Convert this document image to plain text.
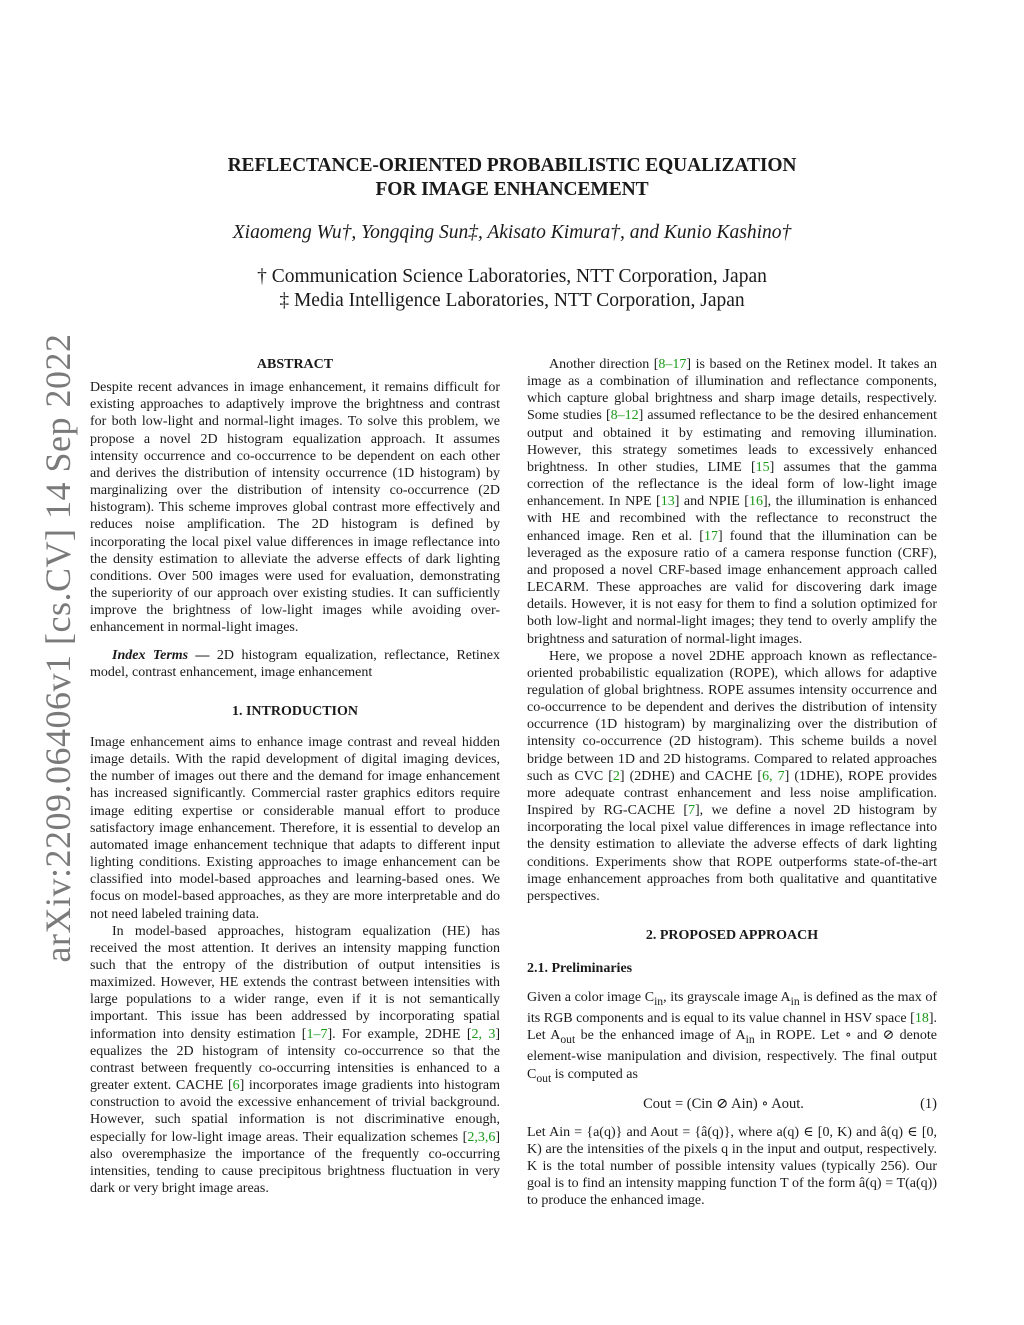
REFLECTANCE-ORIENTED PROBABILISTIC EQUALIZATION
FOR IMAGE ENHANCEMENT
Xiaomeng Wu†, Yongqing Sun‡, Akisato Kimura†, and Kunio Kashino†
† Communication Science Laboratories, NTT Corporation, Japan
‡ Media Intelligence Laboratories, NTT Corporation, Japan
arXiv:2209.06406v1 [cs.CV] 14 Sep 2022	ABSTRACT

Despite recent advances in image enhancement, it remains difficult for existing approaches to adaptively improve the brightness and contrast for both low-light and normal-light images. To solve this problem, we propose a novel 2D histogram equalization approach. It assumes intensity occurrence and co-occurrence to be dependent on each other and derives the distribution of intensity occurrence (1D histogram) by marginalizing over the distribution of intensity co-occurrence (2D histogram). This scheme improves global contrast more effectively and reduces noise amplification. The 2D histogram is defined by incorporating the local pixel value differences in image reflectance into the density estimation to alleviate the adverse effects of dark lighting conditions. Over 500 images were used for evaluation, demonstrating the superiority of our approach over existing studies. It can sufficiently improve the brightness of low-light images while avoiding over-enhancement in normal-light images.

Index Terms — 2D histogram equalization, reflectance, Retinex model, contrast enhancement, image enhancement

1. INTRODUCTION

Image enhancement aims to enhance image contrast and reveal hidden image details. With the rapid development of digital imaging devices, the number of images out there and the demand for image enhancement has increased significantly. Commercial raster graphics editors require image editing expertise or considerable manual effort to produce satisfactory image enhancement. Therefore, it is essential to develop an automated image enhancement technique that adapts to different input lighting conditions. Existing approaches to image enhancement can be classified into model-based approaches and learning-based ones. We focus on model-based approaches, as they are more interpretable and do not need labeled training data.

In model-based approaches, histogram equalization (HE) has received the most attention. It derives an intensity mapping function such that the entropy of the distribution of output intensities is maximized. However, HE extends the contrast between intensities with large populations to a wider range, even if it is not semantically important. This issue has been addressed by incorporating spatial information into density estimation [1–7]. For example, 2DHE [2, 3] equalizes the 2D histogram of intensity co-occurrence so that the contrast between frequently co-occurring intensities is enhanced to a greater extent. CACHE [6] incorporates image gradients into histogram construction to avoid the excessive enhancement of trivial background. However, such spatial information is not discriminative enough, especially for low-light image areas. Their equalization schemes [2,3,6] also overemphasize the importance of the frequently co-occurring intensities, tending to cause precipitous brightness fluctuation in very dark or very bright image areas.

Another direction [8–17] is based on the Retinex model. It takes an image as a combination of illumination and reflectance components, which capture global brightness and sharp image details, respectively. Some studies [8–12] assumed reflectance to be the desired enhancement output and obtained it by estimating and removing illumination. However, this strategy sometimes leads to excessively enhanced brightness. In other studies, LIME [15] assumes that the gamma correction of the reflectance is the ideal form of low-light image enhancement. In NPE [13] and NPIE [16], the illumination is enhanced with HE and recombined with the reflectance to reconstruct the enhanced image. Ren et al. [17] found that the illumination can be leveraged as the exposure ratio of a camera response function (CRF), and proposed a novel CRF-based image enhancement approach called LECARM. These approaches are valid for discovering dark image details. However, it is not easy for them to find a solution optimized for both low-light and normal-light images; they tend to overly amplify the brightness and saturation of normal-light images.

Here, we propose a novel 2DHE approach known as reflectance-oriented probabilistic equalization (ROPE), which allows for adaptive regulation of global brightness. ROPE assumes intensity occurrence and co-occurrence to be dependent and derives the distribution of intensity occurrence (1D histogram) by marginalizing over the distribution of intensity co-occurrence (2D histogram). This scheme builds a novel bridge between 1D and 2D histograms. Compared to related approaches such as CVC [2] (2DHE) and CACHE [6, 7] (1DHE), ROPE provides more adequate contrast enhancement and less noise amplification. Inspired by RG-CACHE [7], we define a novel 2D histogram by incorporating the local pixel value differences in image reflectance into the density estimation to alleviate the adverse effects of dark lighting conditions. Experiments show that ROPE outperforms state-of-the-art image enhancement approaches from both qualitative and quantitative perspectives.

2. PROPOSED APPROACH
2.1. Preliminaries

Given a color image $C_{in}$, its grayscale image $A_{in}$ is defined as the max of its RGB components and is equal to its value channel in HSV space [18]. Let $A_{out}$ be the enhanced image of $A_{in}$ in ROPE. Let ∘ and ⊘ denote element-wise manipulation and division, respectively. The final output $C_{out}$ is computed as

Cout = (Cin ⊘ Ain) ∘ Aout.	(1)

Let Ain = {a(q)} and Aout = {â(q)}, where a(q) ∈ [0, K) and â(q) ∈ [0, K) are the intensities of the pixels q in the input and output, respectively. K is the total number of possible intensity values (typically 256). Our goal is to find an intensity mapping function T of the form â(q) = T(a(q)) to produce the enhanced image.
